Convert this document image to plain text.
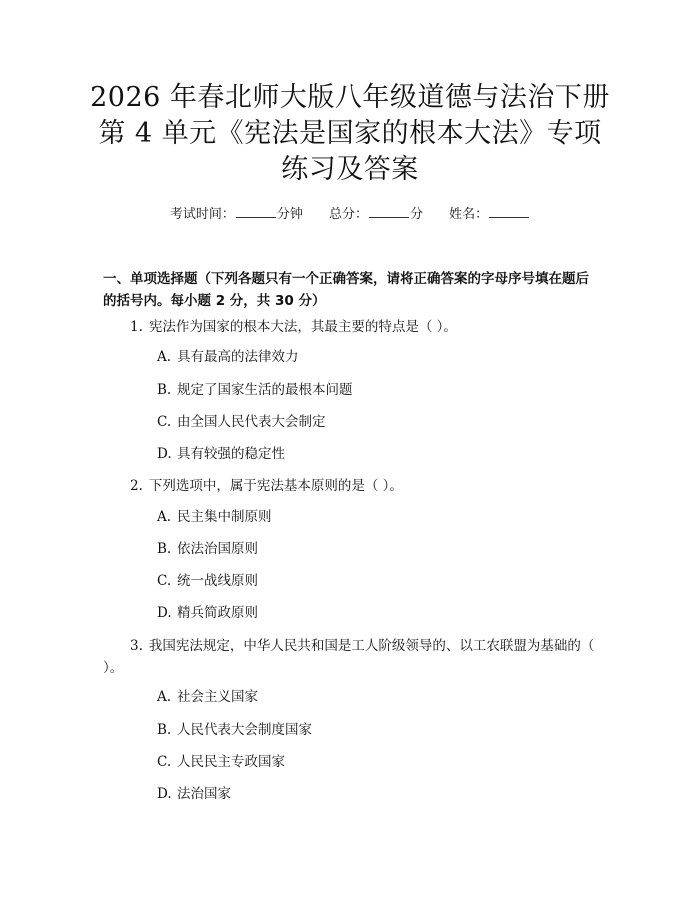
2026 年春北师大版八年级道德与法治下册第 4 单元《宪法是国家的根本大法》专项练习及答案
考试时间：	分钟 总分：	分 姓名：

一、单项选择题（下列各题只有一个正确答案，请将正确答案的字母序号填在题后的括号内。每小题 2 分，共 30 分）

1. 宪法作为国家的根本大法，其最主要的特点是（ ）。

A. 具有最高的法律效力

B. 规定了国家生活的最根本问题

C. 由全国人民代表大会制定

D. 具有较强的稳定性

2. 下列选项中，属于宪法基本原则的是（ ）。

A. 民主集中制原则

B. 依法治国原则

C. 统一战线原则

D. 精兵简政原则

3. 我国宪法规定，中华人民共和国是工人阶级领导的、以工农联盟为基础的（ ）。

A. 社会主义国家

B. 人民代表大会制度国家

C. 人民民主专政国家

D. 法治国家
